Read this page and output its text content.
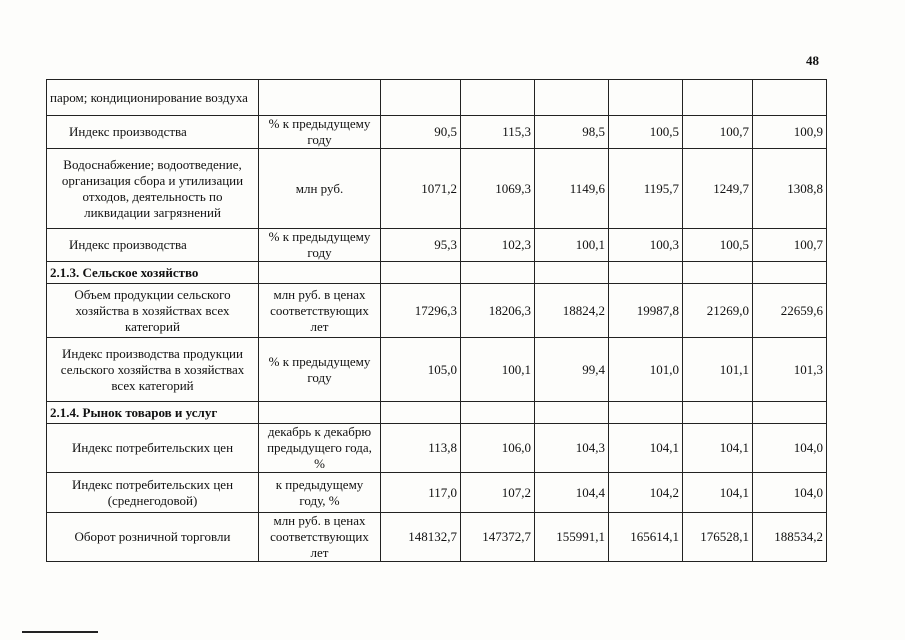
48
паром; кондиционирование воздуха							
Индекс производства	% к предыдущему году	90,5	115,3	98,5	100,5	100,7	100,9
Водоснабжение; водоотведение, организация сбора и утилизации отходов, деятельность по ликвидации загрязнений	млн руб.	1071,2	1069,3	1149,6	1195,7	1249,7	1308,8
Индекс производства	% к предыдущему году	95,3	102,3	100,1	100,3	100,5	100,7
2.1.3. Сельское хозяйство							
Объем продукции сельского хозяйства в хозяйствах всех категорий	млн руб. в ценах соответствующих лет	17296,3	18206,3	18824,2	19987,8	21269,0	22659,6
Индекс производства продукции сельского хозяйства в хозяйствах всех категорий	% к предыдущему году	105,0	100,1	99,4	101,0	101,1	101,3
2.1.4. Рынок товаров и услуг							
Индекс потребительских цен	декабрь к декабрю предыдущего года, %	113,8	106,0	104,3	104,1	104,1	104,0
Индекс потребительских цен (среднегодовой)	к предыдущему году, %	117,0	107,2	104,4	104,2	104,1	104,0
Оборот розничной торговли	млн руб. в ценах соответствующих лет	148132,7	147372,7	155991,1	165614,1	176528,1	188534,2
